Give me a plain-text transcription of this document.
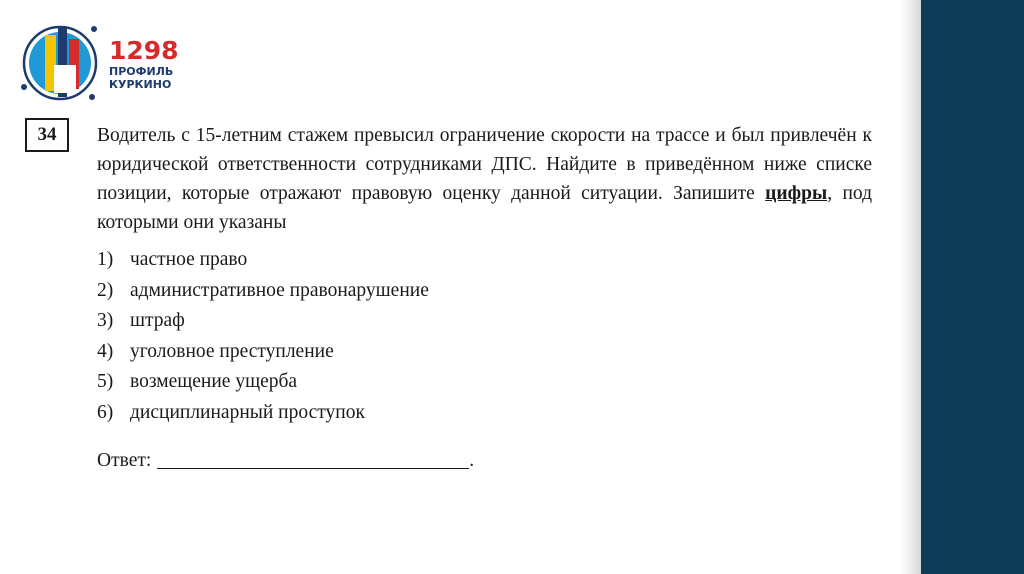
1298
ПРОФИЛЬ
КУРКИНО
34 Водитель с 15-летним стажем превысил ограничение скорости на трассе и был привлечён к юридической ответственности сотрудниками ДПС. Найдите в приведённом ниже списке позиции, которые отражают правовую оценку данной ситуации. Запишите цифры, под которыми они указаны

1) частное право
2) административное правонарушение
3) штраф
4) уголовное преступление
5) возмещение ущерба
6) дисциплинарный проступок
Ответ:	.
